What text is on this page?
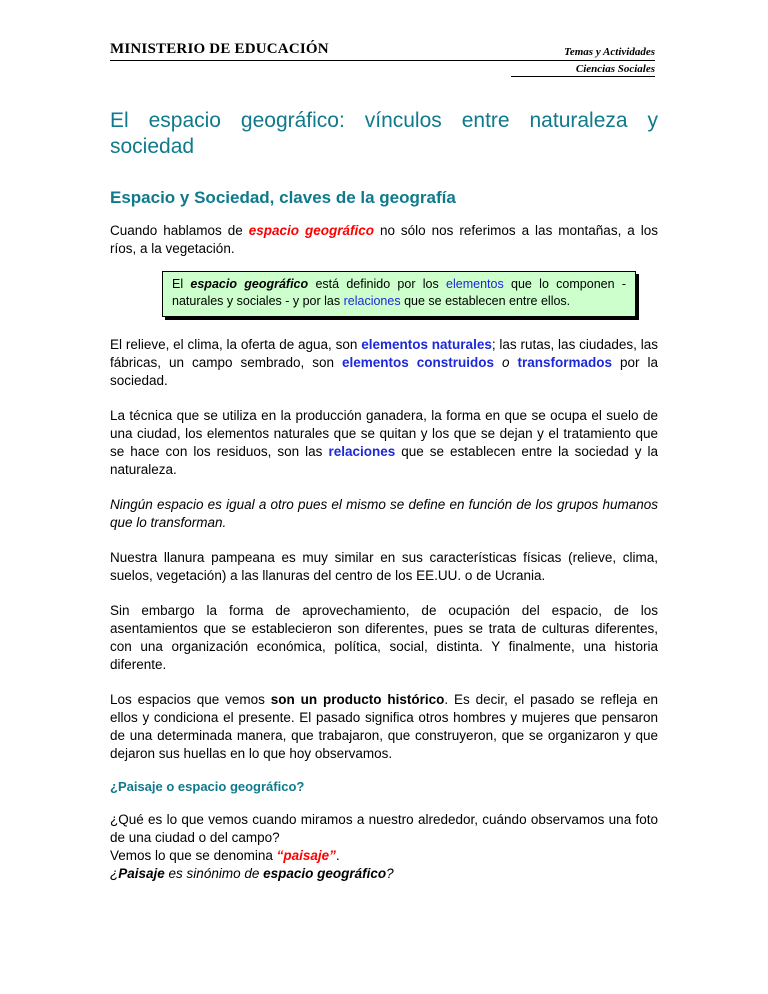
MINISTERIO DE EDUCACIÓN	Temas y Actividades
Ciencias Sociales
El espacio geográfico: vínculos entre naturaleza y sociedad
Espacio y Sociedad, claves de la geografía

Cuando hablamos de espacio geográfico no sólo nos referimos a las montañas, a los ríos, a la vegetación.

El espacio geográfico está definido por los elementos que lo componen - naturales y sociales - y por las relaciones que se establecen entre ellos.

El relieve, el clima, la oferta de agua, son elementos naturales; las rutas, las ciudades, las fábricas, un campo sembrado, son elementos construidos o transformados por la sociedad.

La técnica que se utiliza en la producción ganadera, la forma en que se ocupa el suelo de una ciudad, los elementos naturales que se quitan y los que se dejan y el tratamiento que se hace con los residuos, son las relaciones que se establecen entre la sociedad y la naturaleza.

Ningún espacio es igual a otro pues el mismo se define en función de los grupos humanos que lo transforman.

Nuestra llanura pampeana es muy similar en sus características físicas (relieve, clima, suelos, vegetación) a las llanuras del centro de los EE.UU. o de Ucrania.

Sin embargo la forma de aprovechamiento, de ocupación del espacio, de los asentamientos que se establecieron son diferentes, pues se trata de culturas diferentes, con una organización económica, política, social, distinta. Y finalmente, una historia diferente.

Los espacios que vemos son un producto histórico. Es decir, el pasado se refleja en ellos y condiciona el presente. El pasado significa otros hombres y mujeres que pensaron de una determinada manera, que trabajaron, que construyeron, que se organizaron y que dejaron sus huellas en lo que hoy observamos.

¿Paisaje o espacio geográfico?

¿Qué es lo que vemos cuando miramos a nuestro alrededor, cuándo observamos una foto de una ciudad o del campo?

Vemos lo que se denomina “paisaje”.

¿Paisaje es sinónimo de espacio geográfico?
